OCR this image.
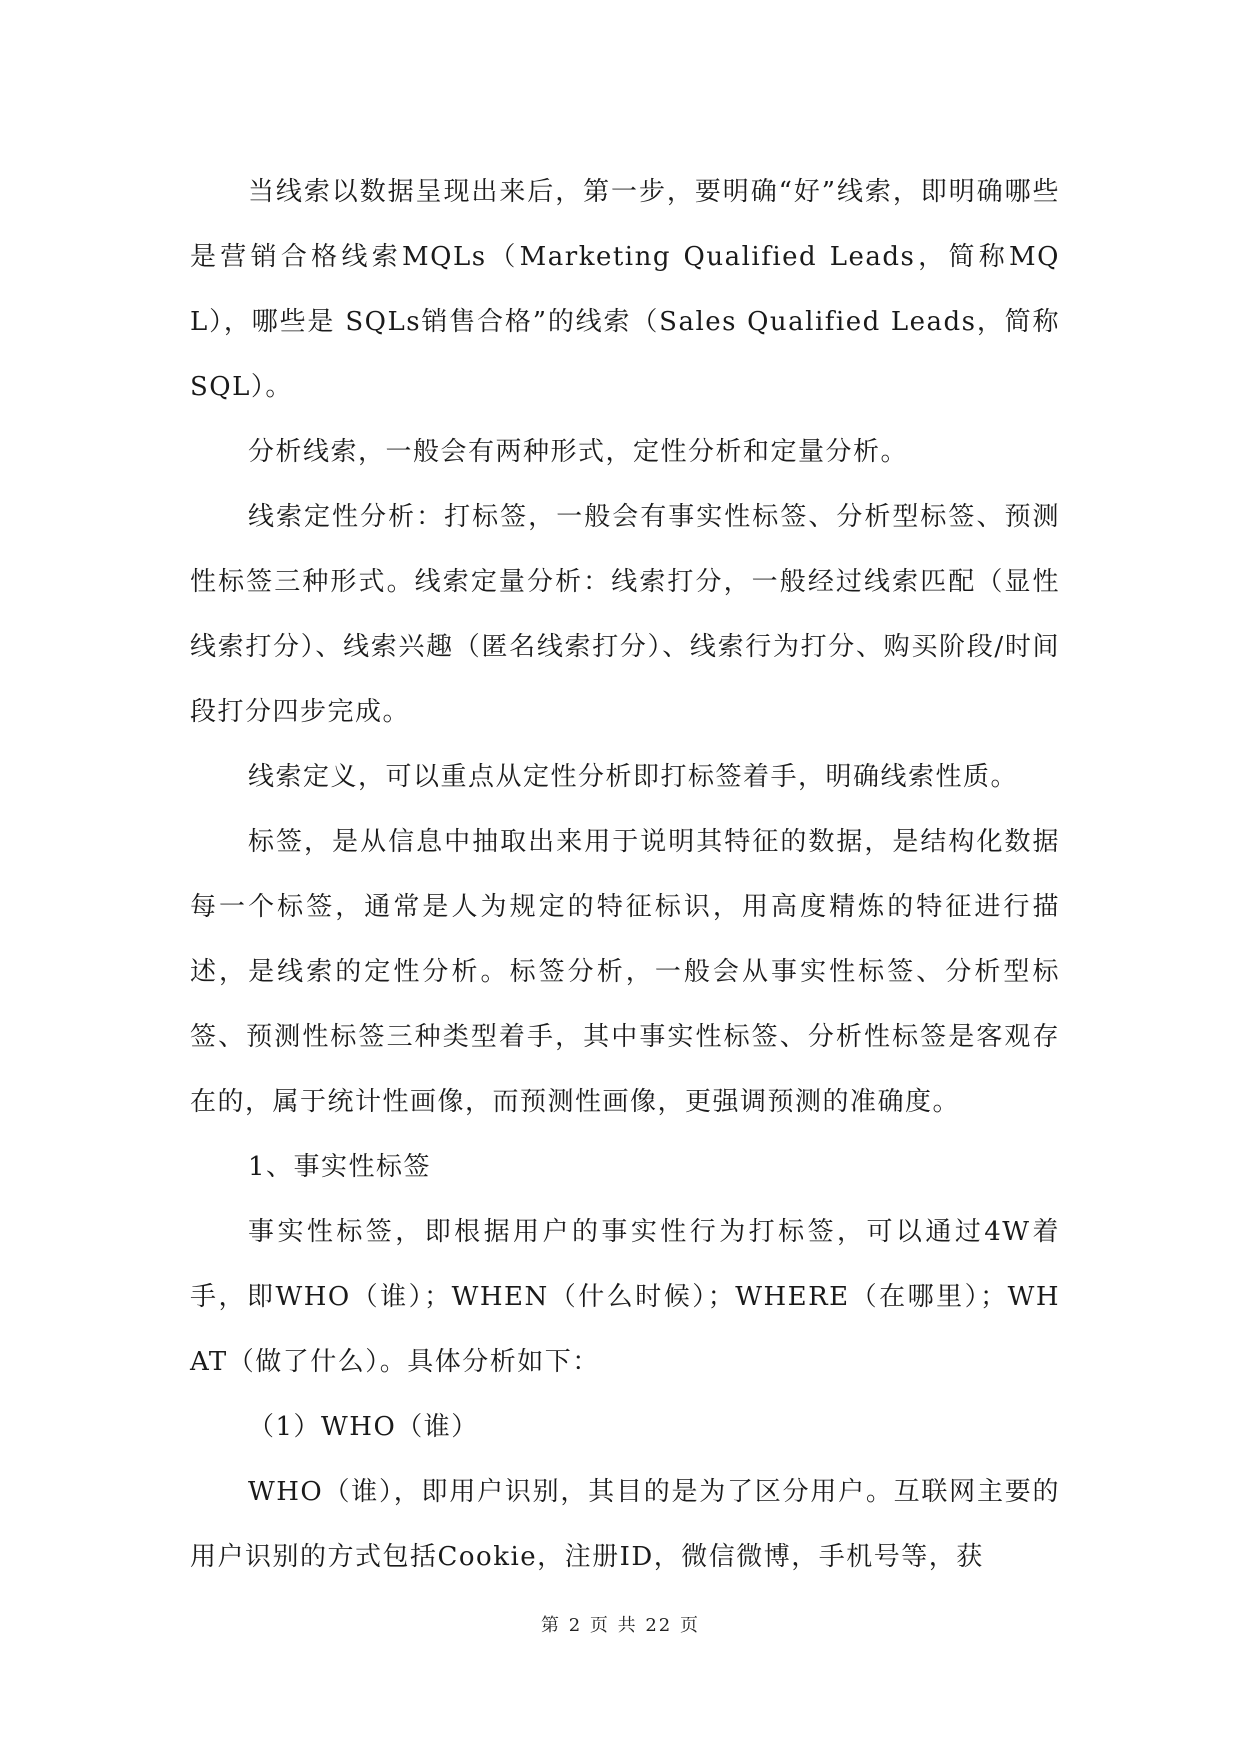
当线索以数据呈现出来后，第一步，要明确“好”线索，即明确哪些是营销合格线索MQLs（Marketing Qualified Leads，简称MQL），哪些是 SQLs销售合格”的线索（Sales Qualified Leads，简称SQL）。

分析线索，一般会有两种形式，定性分析和定量分析。

线索定性分析：打标签，一般会有事实性标签、分析型标签、预测性标签三种形式。线索定量分析：线索打分，一般经过线索匹配（显性线索打分）、线索兴趣（匿名线索打分）、线索行为打分、购买阶段/时间段打分四步完成。

线索定义，可以重点从定性分析即打标签着手，明确线索性质。

标签，是从信息中抽取出来用于说明其特征的数据，是结构化数据每一个标签，通常是人为规定的特征标识，用高度精炼的特征进行描述，是线索的定性分析。标签分析，一般会从事实性标签、分析型标签、预测性标签三种类型着手，其中事实性标签、分析性标签是客观存在的，属于统计性画像，而预测性画像，更强调预测的准确度。

1、事实性标签

事实性标签，即根据用户的事实性行为打标签，可以通过4W着手，即WHO（谁）；WHEN（什么时候）；WHERE（在哪里）；WHAT（做了什么）。具体分析如下：

（1）WHO（谁）

WHO（谁），即用户识别，其目的是为了区分用户。互联网主要的用户识别的方式包括Cookie，注册ID，微信微博，手机号等，获

第 2 页 共 22 页
